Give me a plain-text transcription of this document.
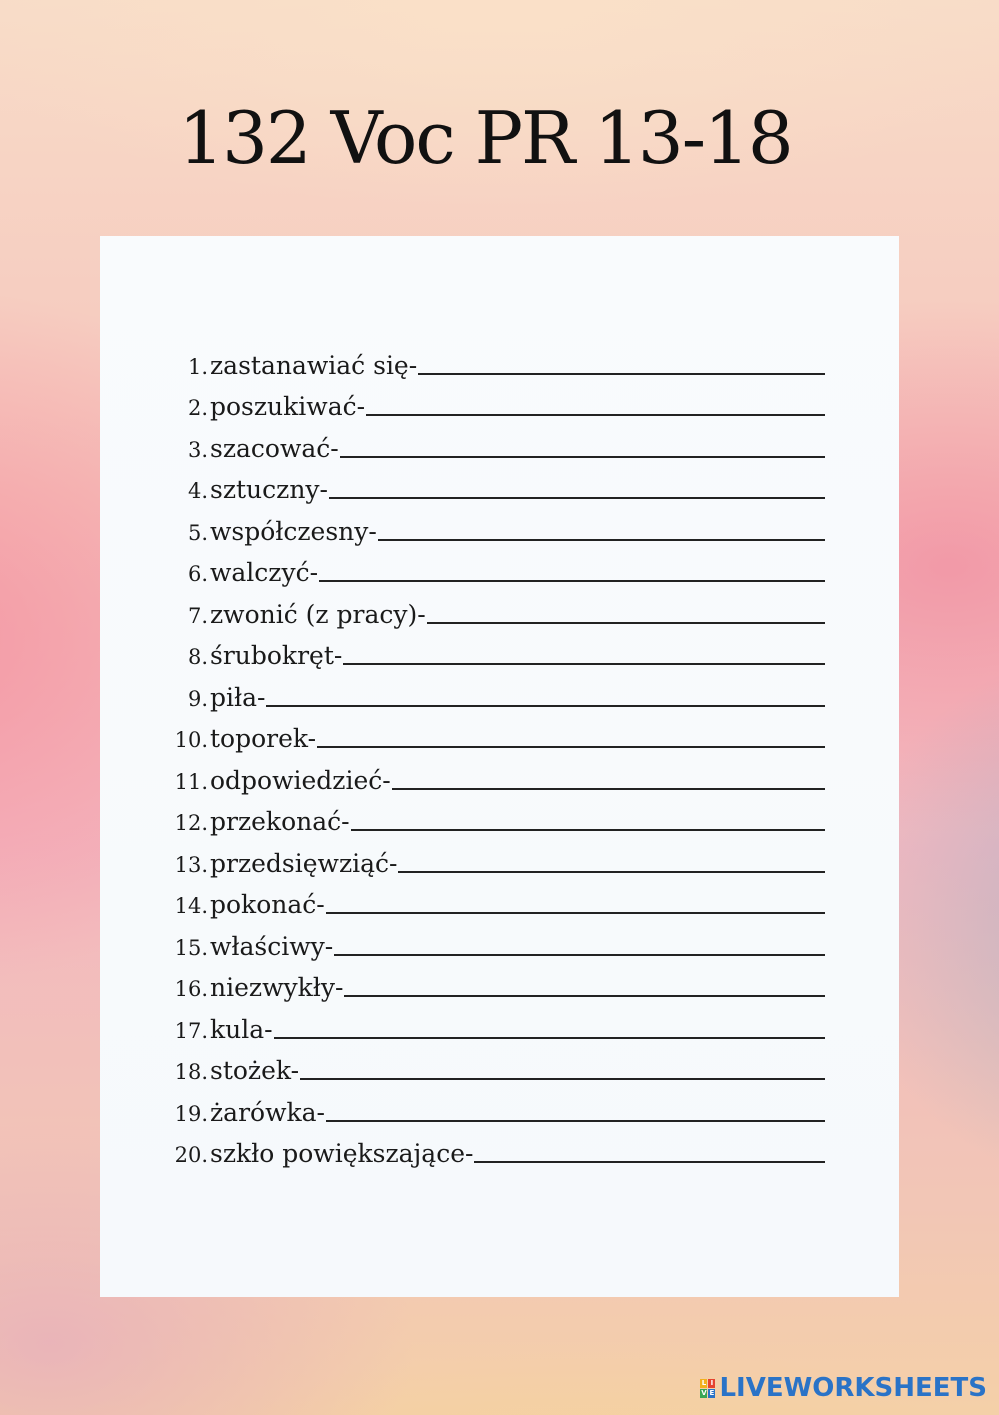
132 Voc PR 13-18
1. zastanawiać się-
2. poszukiwać-
3. szacować-
4. sztuczny-
5. współczesny-
6. walczyć-
7. zwonić (z pracy)-
8. śrubokręt-
9. piła-
10. toporek-
11. odpowiedzieć-
12. przekonać-
13. przedsięwziąć-
14. pokonać-
15. właściwy-
16. niezwykły-
17. kula-
18. stożek-
19. żarówka-
20. szkło powiększające-
L I
V E LIVEWORKSHEETS
